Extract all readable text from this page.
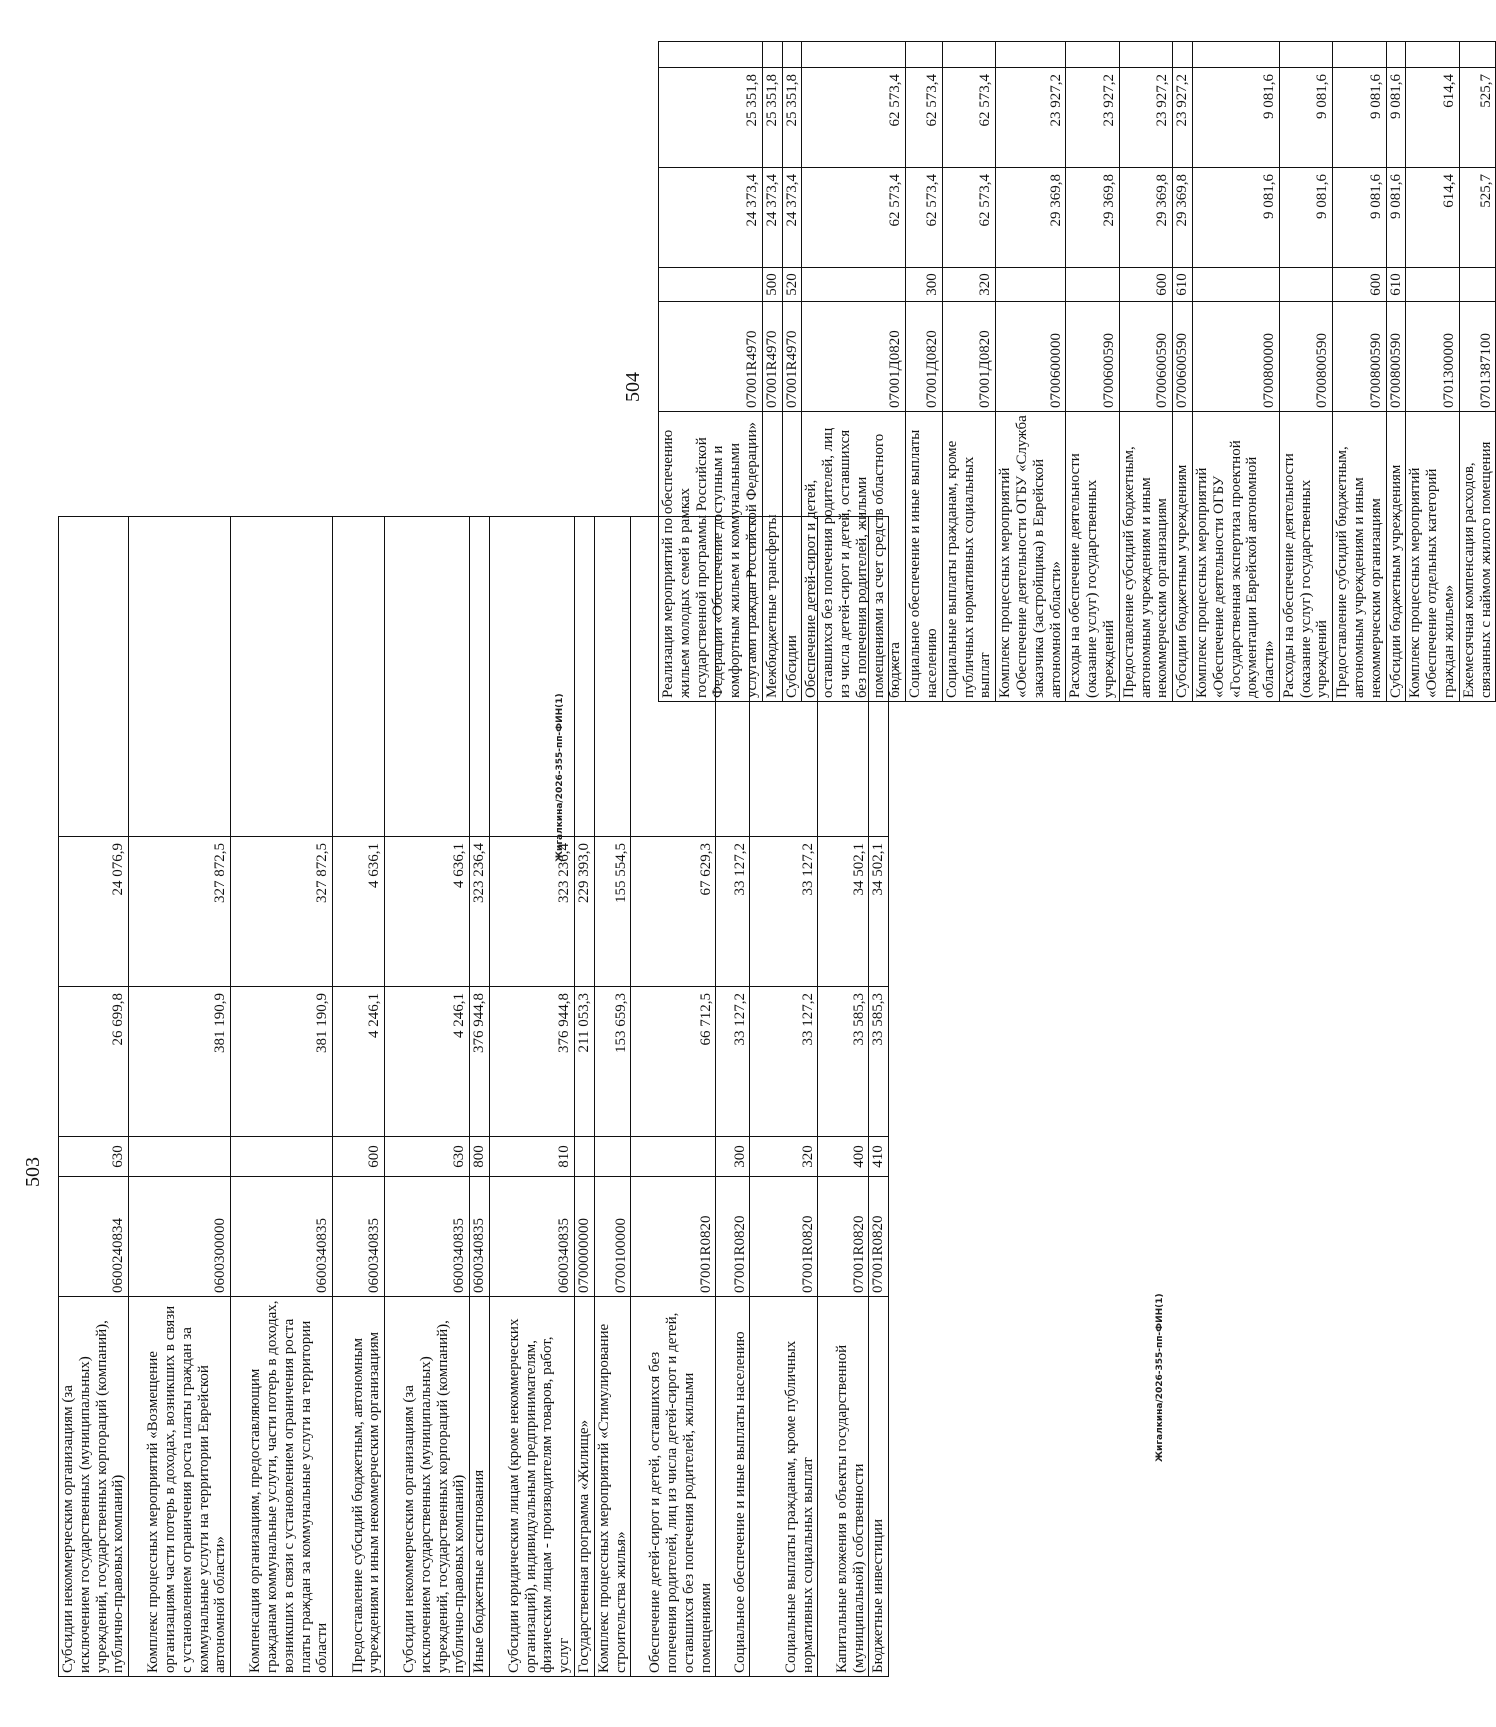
503
Субсидии некоммерческим организациям (за исключением государственных (муниципальных) учреждений, государственных корпораций (компаний), публично-правовых компаний)	0600240834	630	26 699,8	24 076,9	
Комплекс процессных мероприятий «Возмещение организациям части потерь в доходах, возникших в связи с установлением ограничения роста платы граждан за коммунальные услуги на территории Еврейской автономной области»	0600300000		381 190,9	327 872,5	
Компенсация организациям, предоставляющим гражданам коммунальные услуги, части потерь в доходах, возникших в связи с установлением ограничения роста платы граждан за коммунальные услуги на территории области	0600340835		381 190,9	327 872,5	
Предоставление субсидий бюджетным, автономным учреждениям и иным некоммерческим организациям	0600340835	600	4 246,1	4 636,1	
Субсидии некоммерческим организациям (за исключением государственных (муниципальных) учреждений, государственных корпораций (компаний), публично-правовых компаний)	0600340835	630	4 246,1	4 636,1	
Иные бюджетные ассигнования	0600340835	800	376 944,8	323 236,4	
Субсидии юридическим лицам (кроме некоммерческих организаций), индивидуальным предпринимателям, физическим лицам - производителям товаров, работ, услуг	0600340835	810	376 944,8	323 236,4	
Государственная программа «Жилище»	0700000000		211 053,3	229 393,0	
Комплекс процессных мероприятий «Стимулирование строительства жилья»	0700100000		153 659,3	155 554,5	
Обеспечение детей-сирот и детей, оставшихся без попечения родителей, лиц из числа детей-сирот и детей, оставшихся без попечения родителей, жилыми помещениями	07001R0820		66 712,5	67 629,3	
Социальное обеспечение и иные выплаты населению	07001R0820	300	33 127,2	33 127,2	
Социальные выплаты гражданам, кроме публичных нормативных социальных выплат	07001R0820	320	33 127,2	33 127,2	
Капитальные вложения в объекты государственной (муниципальной) собственности	07001R0820	400	33 585,3	34 502,1	
Бюджетные инвестиции	07001R0820	410	33 585,3	34 502,1	
Жигалкина/2026-355-пп-ФИН(1)
504
Реализация мероприятий по обеспечению жильем молодых семей в рамках государственной программы Российской Федерации «Обеспечение доступным и комфортным жильем и коммунальными услугами граждан Российской Федерации»	07001R4970		24 373,4	25 351,8	
Межбюджетные трансферты	07001R4970	500	24 373,4	25 351,8	
Субсидии	07001R4970	520	24 373,4	25 351,8	
Обеспечение детей-сирот и детей, оставшихся без попечения родителей, лиц из числа детей-сирот и детей, оставшихся без попечения родителей, жилыми помещениями за счет средств областного бюджета	07001Д0820		62 573,4	62 573,4	
Социальное обеспечение и иные выплаты населению	07001Д0820	300	62 573,4	62 573,4	
Социальные выплаты гражданам, кроме публичных нормативных социальных выплат	07001Д0820	320	62 573,4	62 573,4	
Комплекс процессных мероприятий «Обеспечение деятельности ОГБУ «Служба заказчика (застройщика) в Еврейской автономной области»	0700600000		29 369,8	23 927,2	
Расходы на обеспечение деятельности (оказание услуг) государственных учреждений	0700600590		29 369,8	23 927,2	
Предоставление субсидий бюджетным, автономным учреждениям и иным некоммерческим организациям	0700600590	600	29 369,8	23 927,2	
Субсидии бюджетным учреждениям	0700600590	610	29 369,8	23 927,2	
Комплекс процессных мероприятий «Обеспечение деятельности ОГБУ «Государственная экспертиза проектной документации Еврейской автономной области»	0700800000		9 081,6	9 081,6	
Расходы на обеспечение деятельности (оказание услуг) государственных учреждений	0700800590		9 081,6	9 081,6	
Предоставление субсидий бюджетным, автономным учреждениям и иным некоммерческим организациям	0700800590	600	9 081,6	9 081,6	
Субсидии бюджетным учреждениям	0700800590	610	9 081,6	9 081,6	
Комплекс процессных мероприятий «Обеспечение отдельных категорий граждан жильем»	0701300000		614,4	614,4	
Ежемесячная компенсация расходов, связанных с наймом жилого помещения	0701387100		525,7	525,7	
Жигалкина/2026-355-пп-ФИН(1)
